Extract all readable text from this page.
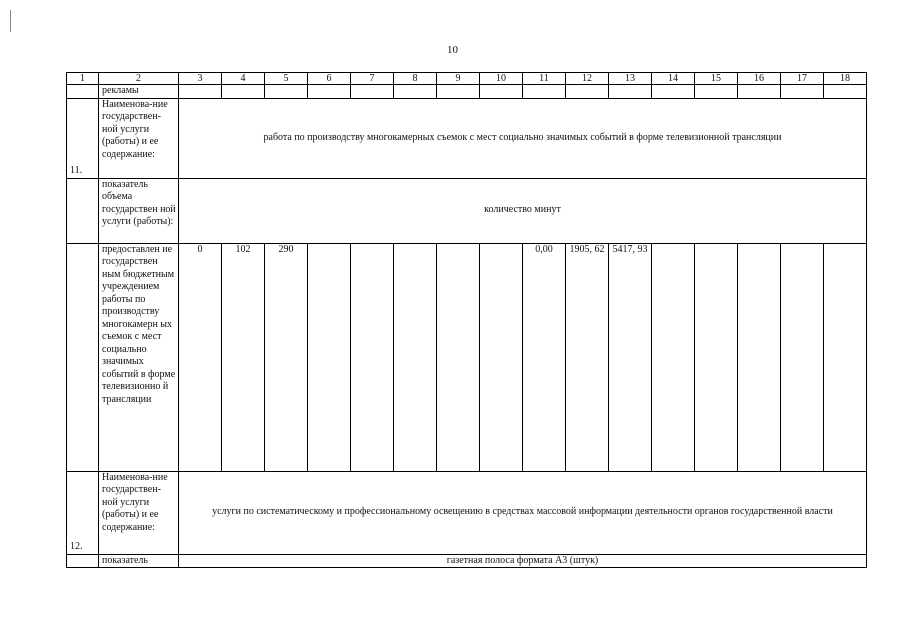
10
1	2	3	4	5	6	7	8	9	10	11	12	13	14	15	16	17	18
	рекламы																
11.	Наименова-ние государствен-ной услуги (работы) и ее содержание:	работа по производству многокамерных съемок с мест социально значимых событий в форме телевизионной трансляции															
	показатель объема государствен ной услуги (работы):	количество минут															
	предоставлен ие государствен ным бюджетным учреждением работы по производству многокамерн ых съемок с мест социально значимых событий в форме телевизионно й трансляции	0	102	290						0,00	1905, 62	5417, 93					
12.	Наименова-ние государствен-ной услуги (работы) и ее содержание:	услуги по систематическому и профессиональному освещению в средствах массовой информации деятельности органов государственной власти															
	показатель	газетная полоса формата А3 (штук)															
